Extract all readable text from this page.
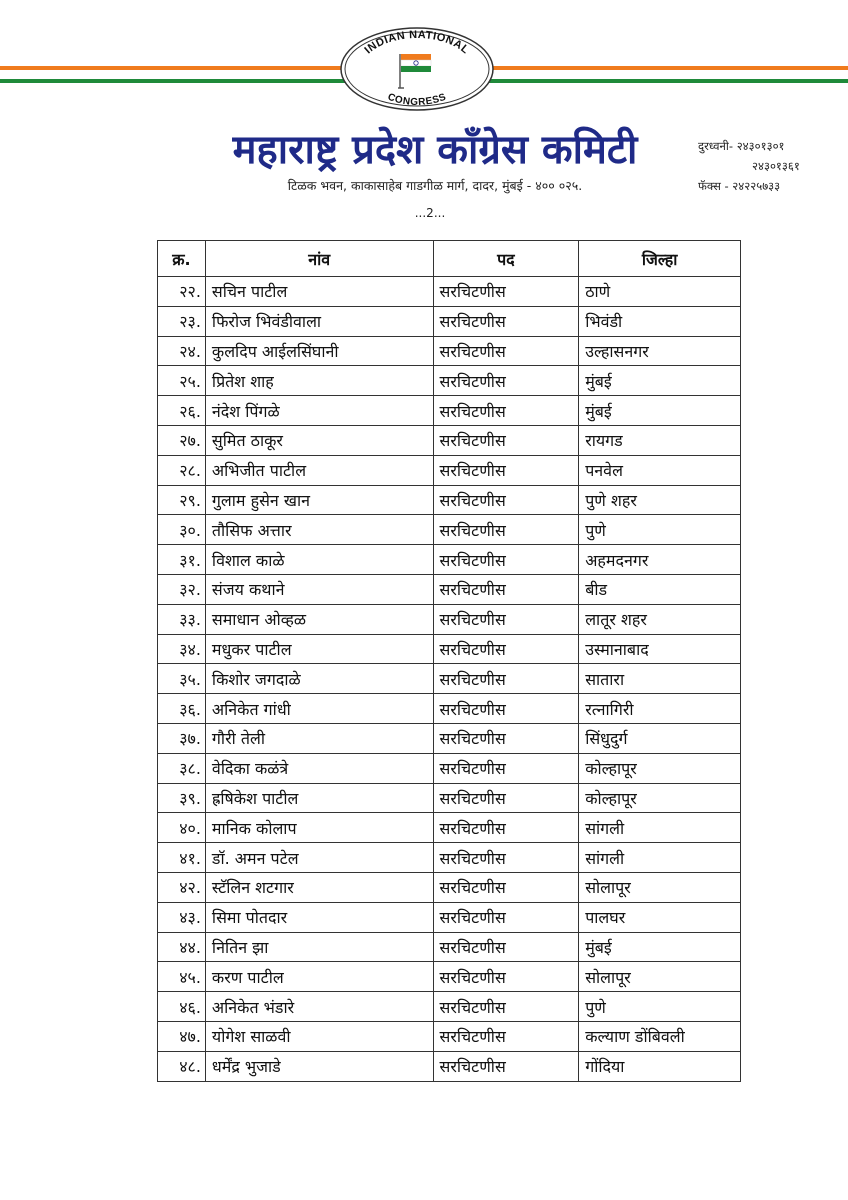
INDIAN NATIONAL
CONGRESS
महाराष्ट्र प्रदेश काँग्रेस कमिटी
टिळक भवन, काकासाहेब गाडगीळ मार्ग, दादर, मुंबई - ४०० ०२५.
दुरध्वनी- २४३०१३०१
२४३०१३६१
फॅक्स - २४२२५७३३
...2...
क्र.	नांव	पद	जिल्हा
२२.	सचिन पाटील	सरचिटणीस	ठाणे
२३.	फिरोज भिवंडीवाला	सरचिटणीस	भिवंडी
२४.	कुलदिप आईलसिंघानी	सरचिटणीस	उल्हासनगर
२५.	प्रितेश शाह	सरचिटणीस	मुंबई
२६.	नंदेश पिंगळे	सरचिटणीस	मुंबई
२७.	सुमित ठाकूर	सरचिटणीस	रायगड
२८.	अभिजीत पाटील	सरचिटणीस	पनवेल
२९.	गुलाम हुसेन खान	सरचिटणीस	पुणे शहर
३०.	तौसिफ अत्तार	सरचिटणीस	पुणे
३१.	विशाल काळे	सरचिटणीस	अहमदनगर
३२.	संजय कथाने	सरचिटणीस	बीड
३३.	समाधान ओव्हळ	सरचिटणीस	लातूर शहर
३४.	मधुकर पाटील	सरचिटणीस	उस्मानाबाद
३५.	किशोर जगदाळे	सरचिटणीस	सातारा
३६.	अनिकेत गांधी	सरचिटणीस	रत्नागिरी
३७.	गौरी तेली	सरचिटणीस	सिंधुदुर्ग
३८.	वेदिका कळंत्रे	सरचिटणीस	कोल्हापूर
३९.	ह्रषिकेश पाटील	सरचिटणीस	कोल्हापूर
४०.	मानिक कोलाप	सरचिटणीस	सांगली
४१.	डॉ. अमन पटेल	सरचिटणीस	सांगली
४२.	स्टॅलिन शटगार	सरचिटणीस	सोलापूर
४३.	सिमा पोतदार	सरचिटणीस	पालघर
४४.	नितिन झा	सरचिटणीस	मुंबई
४५.	करण पाटील	सरचिटणीस	सोलापूर
४६.	अनिकेत भंडारे	सरचिटणीस	पुणे
४७.	योगेश साळवी	सरचिटणीस	कल्याण डोंबिवली
४८.	धर्मेंद्र भुजाडे	सरचिटणीस	गोंदिया
